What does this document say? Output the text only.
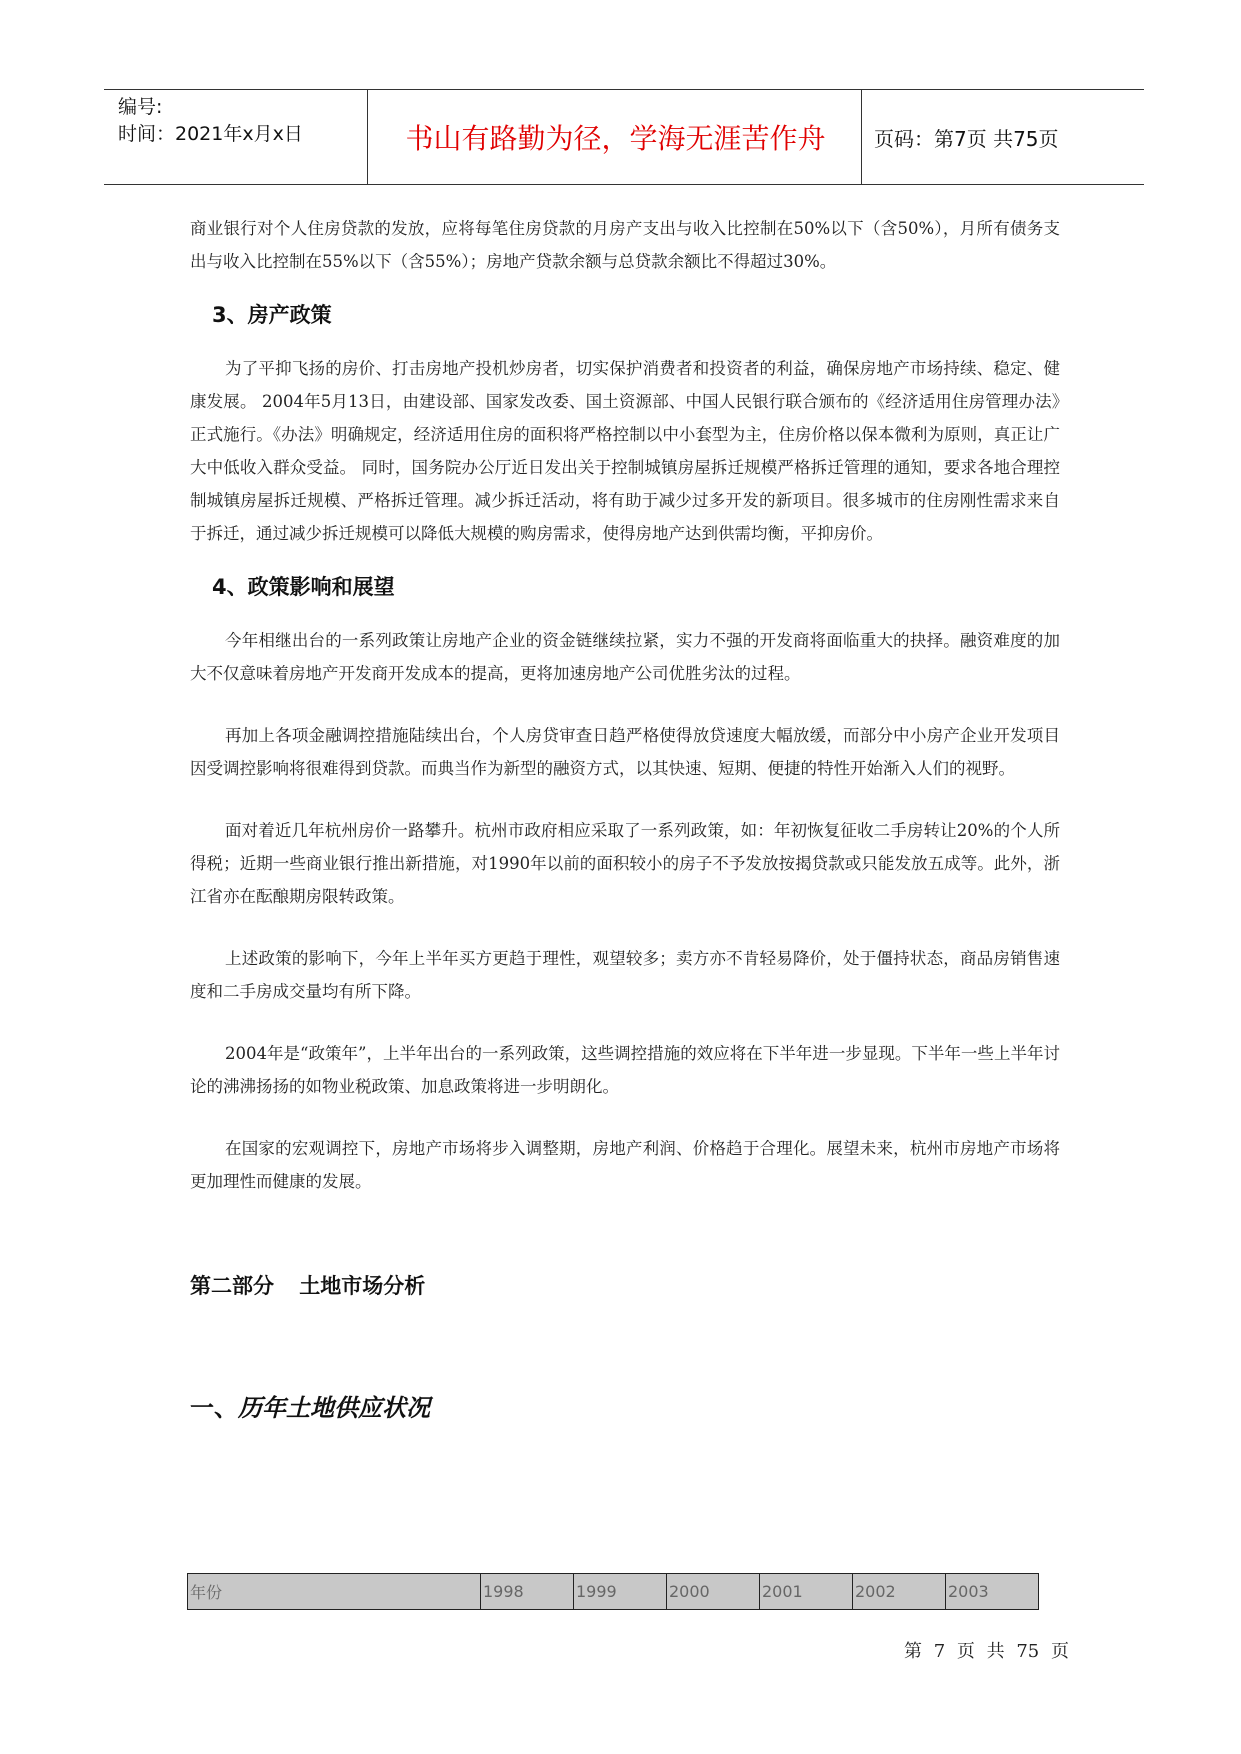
编号:
时间：2021年x月x日	书山有路勤为径，学海无涯苦作舟	页码：第7页 共75页

商业银行对个人住房贷款的发放，应将每笔住房贷款的月房产支出与收入比控制在50%以下（含50%），月所有债务支出与收入比控制在55%以下（含55%）；房地产贷款余额与总贷款余额比不得超过30%。

3、房产政策

为了平抑飞扬的房价、打击房地产投机炒房者，切实保护消费者和投资者的利益，确保房地产市场持续、稳定、健康发展。 2004年5月13日，由建设部、国家发改委、国土资源部、中国人民银行联合颁布的《经济适用住房管理办法》正式施行。《办法》明确规定，经济适用住房的面积将严格控制以中小套型为主，住房价格以保本微利为原则，真正让广大中低收入群众受益。 同时，国务院办公厅近日发出关于控制城镇房屋拆迁规模严格拆迁管理的通知，要求各地合理控制城镇房屋拆迁规模、严格拆迁管理。减少拆迁活动，将有助于减少过多开发的新项目。很多城市的住房刚性需求来自于拆迁，通过减少拆迁规模可以降低大规模的购房需求，使得房地产达到供需均衡，平抑房价。

4、政策影响和展望

今年相继出台的一系列政策让房地产企业的资金链继续拉紧，实力不强的开发商将面临重大的抉择。融资难度的加大不仅意味着房地产开发商开发成本的提高，更将加速房地产公司优胜劣汰的过程。

再加上各项金融调控措施陆续出台，个人房贷审查日趋严格使得放贷速度大幅放缓，而部分中小房产企业开发项目因受调控影响将很难得到贷款。而典当作为新型的融资方式，以其快速、短期、便捷的特性开始渐入人们的视野。

面对着近几年杭州房价一路攀升。杭州市政府相应采取了一系列政策，如：年初恢复征收二手房转让20%的个人所得税；近期一些商业银行推出新措施，对1990年以前的面积较小的房子不予发放按揭贷款或只能发放五成等。此外，浙江省亦在酝酿期房限转政策。

上述政策的影响下，今年上半年买方更趋于理性，观望较多；卖方亦不肯轻易降价，处于僵持状态，商品房销售速度和二手房成交量均有所下降。

2004年是“政策年”，上半年出台的一系列政策，这些调控措施的效应将在下半年进一步显现。下半年一些上半年讨论的沸沸扬扬的如物业税政策、加息政策将进一步明朗化。

在国家的宏观调控下，房地产市场将步入调整期，房地产利润、价格趋于合理化。展望未来，杭州市房地产市场将更加理性而健康的发展。

第二部分 土地市场分析
一、历年土地供应状况
年份	1998	1999	2000	2001	2002	2003
第 7 页 共 75 页
